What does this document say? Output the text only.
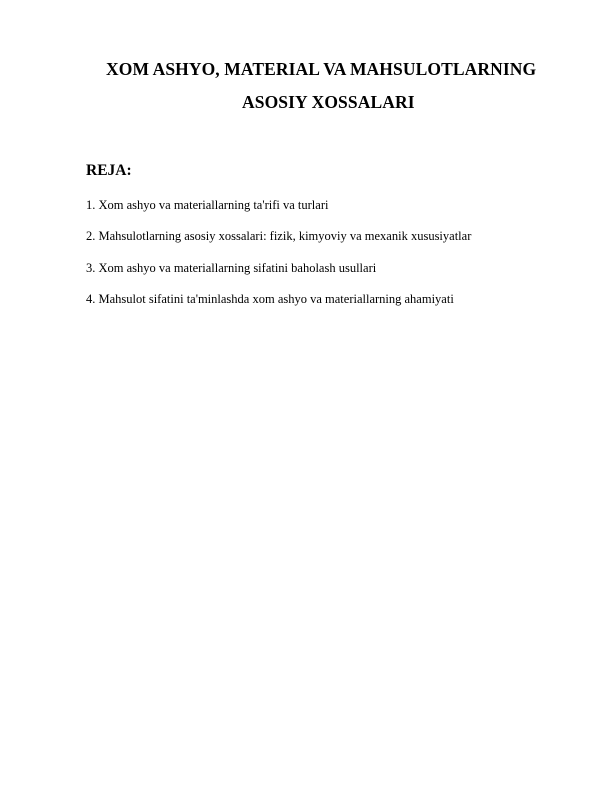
XOM ASHYO, MATERIAL VA MAHSULOTLARNING
ASOSIY XOSSALARI
REJA:
1. Xom ashyo va materiallarning ta'rifi va turlari
2. Mahsulotlarning asosiy xossalari: fizik, kimyoviy va mexanik xususiyatlar
3. Xom ashyo va materiallarning sifatini baholash usullari
4. Mahsulot sifatini ta'minlashda xom ashyo va materiallarning ahamiyati
